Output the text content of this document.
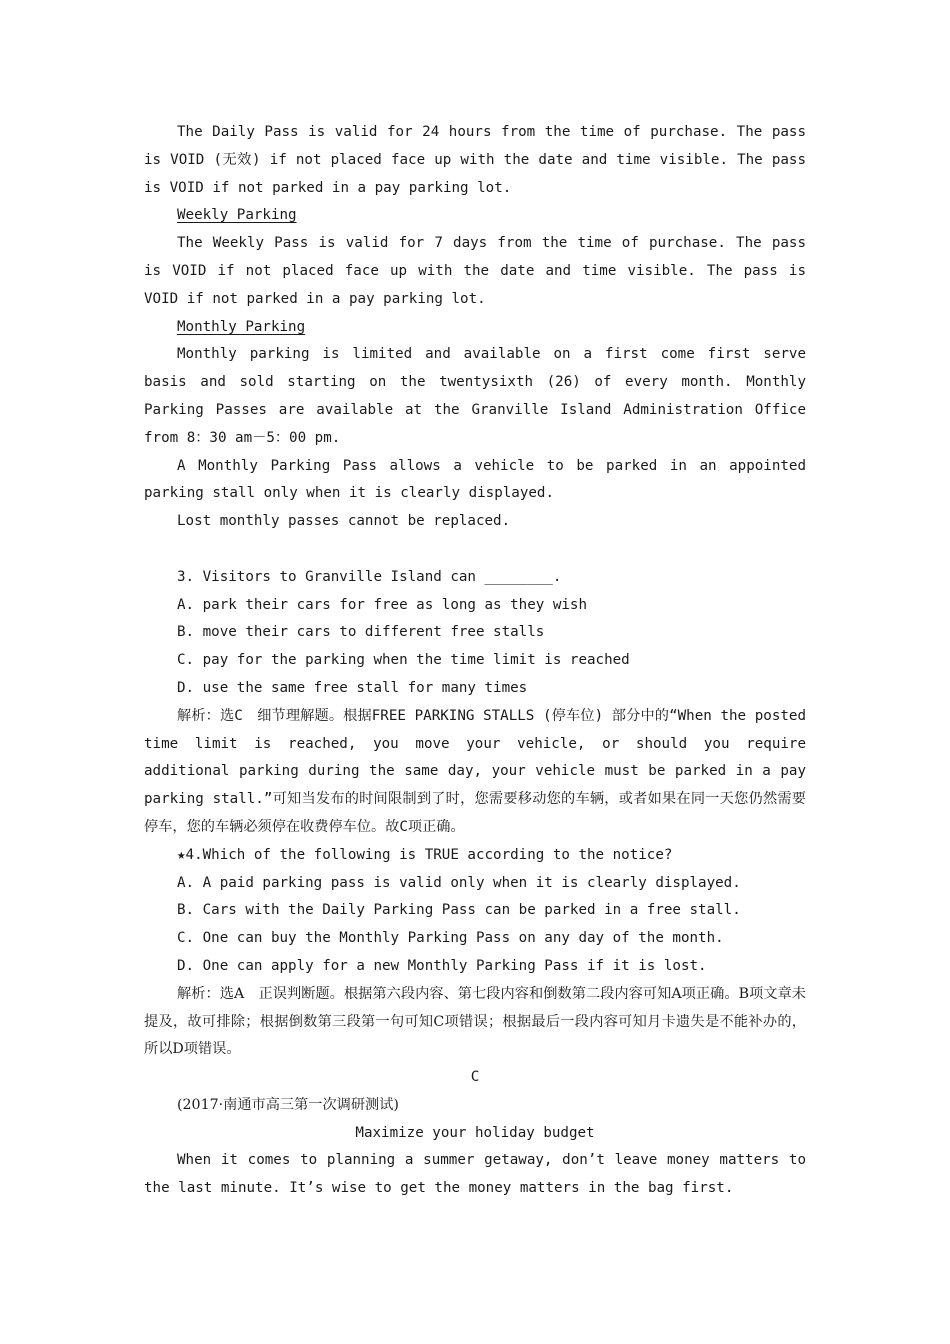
The Daily Pass is valid for 24 hours from the time of purchase. The pass is VOID (无效) if not placed face up with the date and time visible. The pass is VOID if not parked in a pay parking lot.

Weekly Parking

The Weekly Pass is valid for 7 days from the time of purchase. The pass is VOID if not placed face up with the date and time visible. The pass is VOID if not parked in a pay parking lot.

Monthly Parking

Monthly parking is limited and available on a first come first serve basis and sold starting on the twentysixth (26) of every month. Monthly Parking Passes are available at the Granville Island Administration Office from 8：30 am－5：00 pm.

A Monthly Parking Pass allows a vehicle to be parked in an appointed parking stall only when it is clearly displayed.

Lost monthly passes cannot be replaced.

3. Visitors to Granville Island can ________.

A. park their cars for free as long as they wish

B. move their cars to different free stalls

C. pay for the parking when the time limit is reached

D. use the same free stall for many times

解析：选C　细节理解题。根据FREE PARKING STALLS (停车位) 部分中的“When the posted time limit is reached, you move your vehicle, or should you require additional parking during the same day, your vehicle must be parked in a pay parking stall.”可知当发布的时间限制到了时，您需要移动您的车辆，或者如果在同一天您仍然需要停车，您的车辆必须停在收费停车位。故C项正确。

★4.Which of the following is TRUE according to the notice?

A. A paid parking pass is valid only when it is clearly displayed.

B. Cars with the Daily Parking Pass can be parked in a free stall.

C. One can buy the Monthly Parking Pass on any day of the month.

D. One can apply for a new Monthly Parking Pass if it is lost.

解析：选A　正误判断题。根据第六段内容、第七段内容和倒数第二段内容可知A项正确。B项文章未提及，故可排除；根据倒数第三段第一句可知C项错误；根据最后一段内容可知月卡遗失是不能补办的，所以D项错误。

C

(2017·南通市高三第一次调研测试)

Maximize your holiday budget

When it comes to planning a summer getaway, don’t leave money matters to the last minute. It’s wise to get the money matters in the bag first.
